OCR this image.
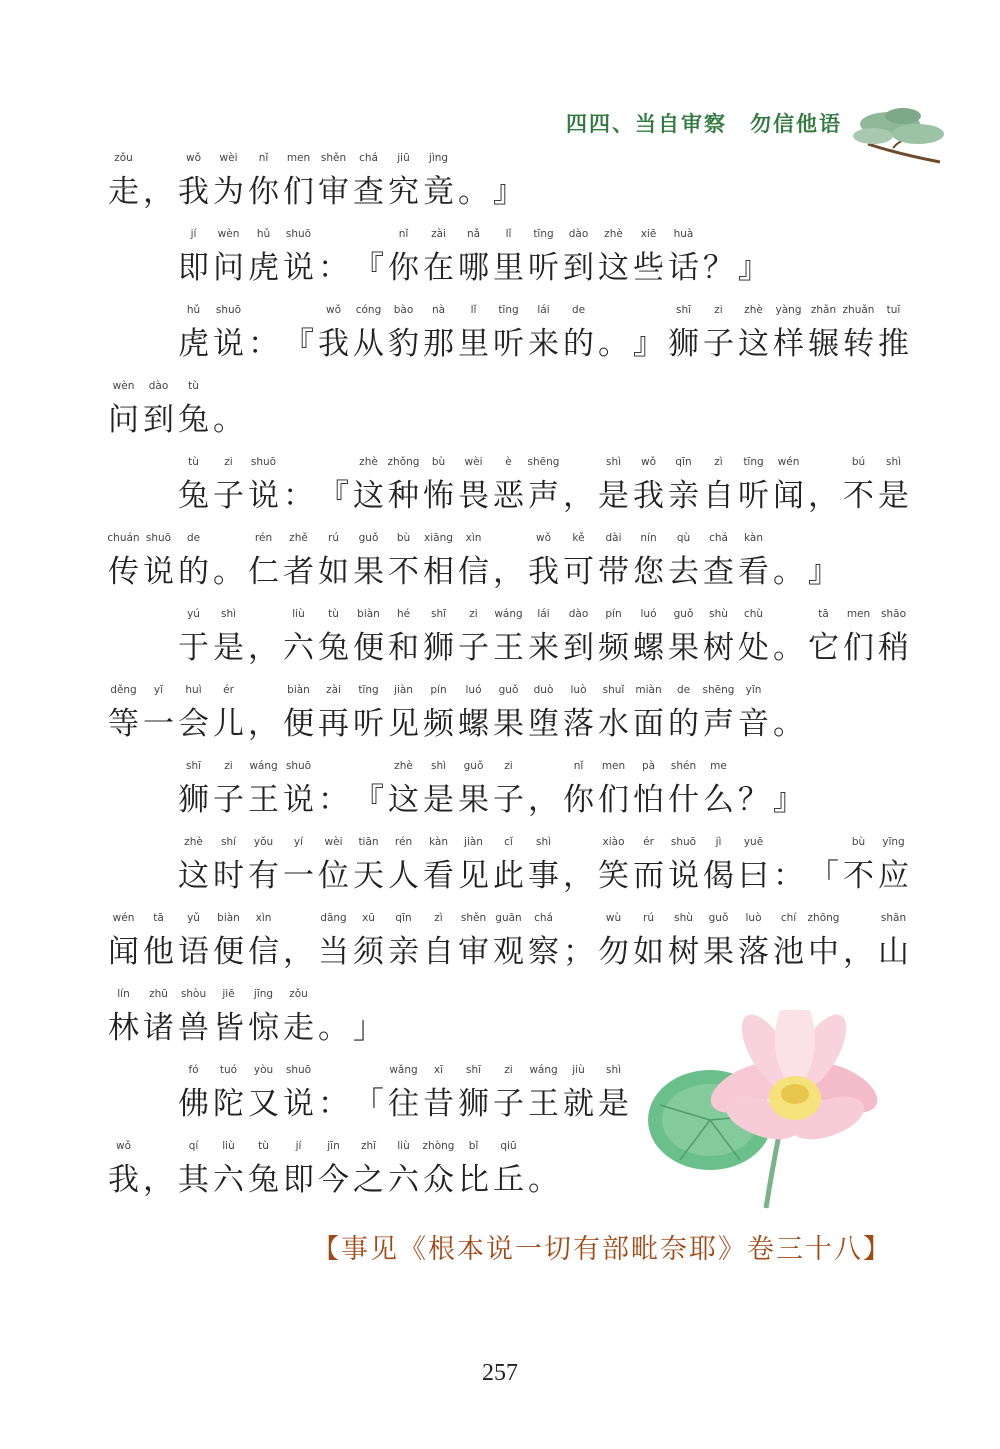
四四、当自审察　勿信他语
zǒu
走 ，
wǒ
我
wèi
为
nǐ
你
men
们
shěn
审
chá
查
jiū
究
jìng
竟 。 』
jí
即
wèn
问
hǔ
虎
shuō
说 ： 『
nǐ
你
zài
在
nǎ
哪
lǐ
里
tīng
听
dào
到
zhè
这
xiē
些
huà
话 ？ 』
hǔ
虎
shuō
说 ： 『
wǒ
我
cóng
从
bào
豹
nà
那
lǐ
里
tīng
听
lái
来
de
的 。 』
shī
狮
zi
子
zhè
这
yàng
样
zhǎn
辗
zhuǎn
转
tuī
推
wèn
问
dào
到
tù
兔 。
tù
兔
zi
子
shuō
说 ： 『
zhè
这
zhǒng
种
bù
怖
wèi
畏
è
恶
shēng
声 ，
shì
是
wǒ
我
qīn
亲
zì
自
tīng
听
wén
闻 ，
bú
不
shì
是
chuán
传
shuō
说
de
的 。
rén
仁
zhě
者
rú
如
guǒ
果
bù
不
xiāng
相
xìn
信 ，
wǒ
我
kě
可
dài
带
nín
您
qù
去
chá
查
kàn
看 。 』
yú
于
shì
是 ，
liù
六
tù
兔
biàn
便
hé
和
shī
狮
zi
子
wáng
王
lái
来
dào
到
pín
频
luó
螺
guǒ
果
shù
树
chù
处 。
tā
它
men
们
shāo
稍
děng
等
yī
一
huì
会
ér
儿 ，
biàn
便
zài
再
tīng
听
jiàn
见
pín
频
luó
螺
guǒ
果
duò
堕
luò
落
shuǐ
水
miàn
面
de
的
shēng
声
yīn
音 。
shī
狮
zi
子
wáng
王
shuō
说 ： 『
zhè
这
shì
是
guǒ
果
zi
子 ，
nǐ
你
men
们
pà
怕
shén
什
me
么 ？ 』
zhè
这
shí
时
yǒu
有
yí
一
wèi
位
tiān
天
rén
人
kàn
看
jiàn
见
cǐ
此
shì
事 ，
xiào
笑
ér
而
shuō
说
jì
偈
yuē
曰 ： 「
bù
不
yīng
应
wén
闻
tā
他
yǔ
语
biàn
便
xìn
信 ，
dāng
当
xū
须
qīn
亲
zì
自
shěn
审
guān
观
chá
察 ；
wù
勿
rú
如
shù
树
guǒ
果
luò
落
chí
池
zhōng
中 ，
shān
山
lín
林
zhū
诸
shòu
兽
jiē
皆
jīng
惊
zǒu
走 。 」
fó
佛
tuó
陀
yòu
又
shuō
说 ： 「
wǎng
往
xī
昔
shī
狮
zi
子
wáng
王
jiù
就
shì
是
wǒ
我 ，
qí
其
liù
六
tù
兔
jí
即
jīn
今
zhī
之
liù
六
zhòng
众
bǐ
比
qiū
丘 。
【事见《根本说一切有部毗奈耶》卷三十八】
257
